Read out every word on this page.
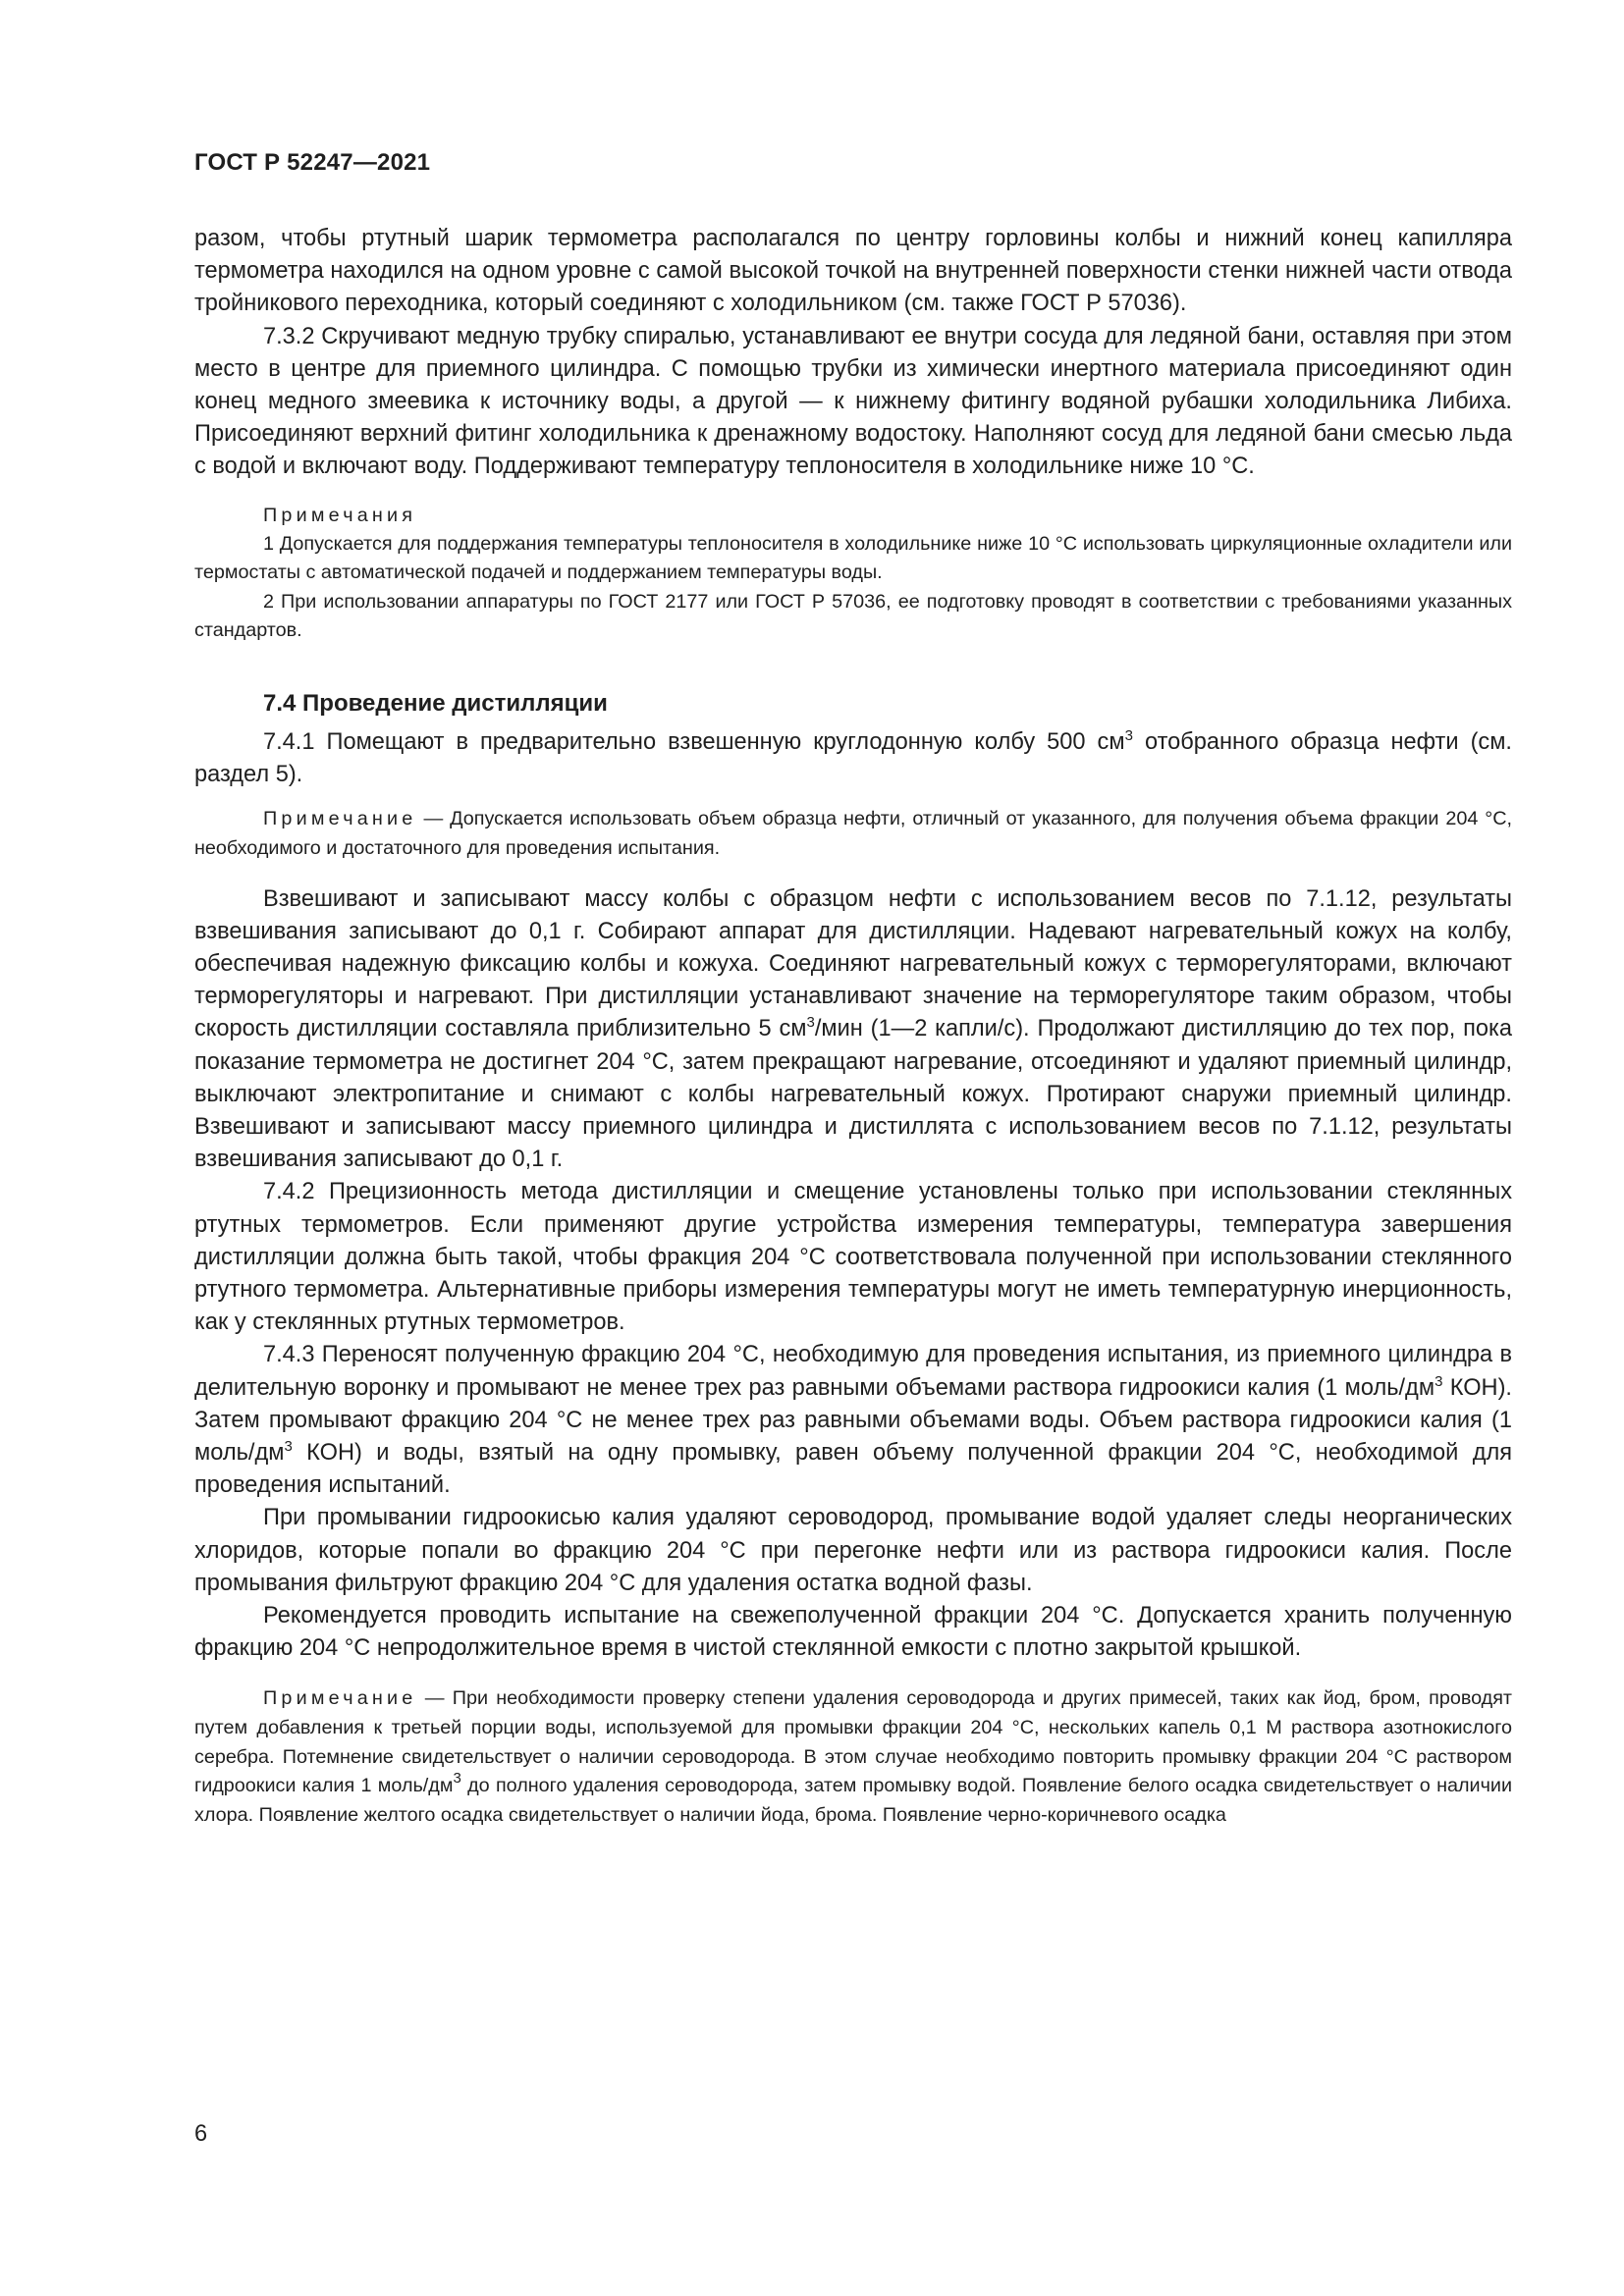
ГОСТ Р 52247—2021

разом, чтобы ртутный шарик термометра располагался по центру горловины колбы и нижний конец капилляра термометра находился на одном уровне с самой высокой точкой на внутренней поверхности стенки нижней части отвода тройникового переходника, который соединяют с холодильником (см. также ГОСТ Р 57036).

7.3.2 Скручивают медную трубку спиралью, устанавливают ее внутри сосуда для ледяной бани, оставляя при этом место в центре для приемного цилиндра. С помощью трубки из химически инертного материала присоединяют один конец медного змеевика к источнику воды, а другой — к нижнему фитингу водяной рубашки холодильника Либиха. Присоединяют верхний фитинг холодильника к дренажному водостоку. Наполняют сосуд для ледяной бани смесью льда с водой и включают воду. Поддерживают температуру теплоносителя в холодильнике ниже 10 °С.

Примечания

1 Допускается для поддержания температуры теплоносителя в холодильнике ниже 10 °С использовать циркуляционные охладители или термостаты с автоматической подачей и поддержанием температуры воды.

2 При использовании аппаратуры по ГОСТ 2177 или ГОСТ Р 57036, ее подготовку проводят в соответствии с требованиями указанных стандартов.

7.4 Проведение дистилляции

7.4.1 Помещают в предварительно взвешенную круглодонную колбу 500 $см^3$ отобранного образца нефти (см. раздел 5).

Примечание — Допускается использовать объем образца нефти, отличный от указанного, для получения объема фракции 204 °С, необходимого и достаточного для проведения испытания.

Взвешивают и записывают массу колбы с образцом нефти с использованием весов по 7.1.12, результаты взвешивания записывают до 0,1 г. Собирают аппарат для дистилляции. Надевают нагревательный кожух на колбу, обеспечивая надежную фиксацию колбы и кожуха. Соединяют нагревательный кожух с терморегуляторами, включают терморегуляторы и нагревают. При дистилляции устанавливают значение на терморегуляторе таким образом, чтобы скорость дистилляции составляла приблизительно 5 $см^3$/мин (1—2 капли/с). Продолжают дистилляцию до тех пор, пока показание термометра не достигнет 204 °С, затем прекращают нагревание, отсоединяют и удаляют приемный цилиндр, выключают электропитание и снимают с колбы нагревательный кожух. Протирают снаружи приемный цилиндр. Взвешивают и записывают массу приемного цилиндра и дистиллята с использованием весов по 7.1.12, результаты взвешивания записывают до 0,1 г.

7.4.2 Прецизионность метода дистилляции и смещение установлены только при использовании стеклянных ртутных термометров. Если применяют другие устройства измерения температуры, температура завершения дистилляции должна быть такой, чтобы фракция 204 °С соответствовала полученной при использовании стеклянного ртутного термометра. Альтернативные приборы измерения температуры могут не иметь температурную инерционность, как у стеклянных ртутных термометров.

7.4.3 Переносят полученную фракцию 204 °С, необходимую для проведения испытания, из приемного цилиндра в делительную воронку и промывают не менее трех раз равными объемами раствора гидроокиси калия (1 моль/$дм^3$ КОН). Затем промывают фракцию 204 °С не менее трех раз равными объемами воды. Объем раствора гидроокиси калия (1 моль/$дм^3$ КОН) и воды, взятый на одну промывку, равен объему полученной фракции 204 °С, необходимой для проведения испытаний.

При промывании гидроокисью калия удаляют сероводород, промывание водой удаляет следы неорганических хлоридов, которые попали во фракцию 204 °С при перегонке нефти или из раствора гидроокиси калия. После промывания фильтруют фракцию 204 °С для удаления остатка водной фазы.

Рекомендуется проводить испытание на свежеполученной фракции 204 °С. Допускается хранить полученную фракцию 204 °С непродолжительное время в чистой стеклянной емкости с плотно закрытой крышкой.

Примечание — При необходимости проверку степени удаления сероводорода и других примесей, таких как йод, бром, проводят путем добавления к третьей порции воды, используемой для промывки фракции 204 °С, нескольких капель 0,1 М раствора азотнокислого серебра. Потемнение свидетельствует о наличии сероводорода. В этом случае необходимо повторить промывку фракции 204 °С раствором гидроокиси калия 1 моль/$дм^3$ до полного удаления сероводорода, затем промывку водой. Появление белого осадка свидетельствует о наличии хлора. Появление желтого осадка свидетельствует о наличии йода, брома. Появление черно-коричневого осадка

6
